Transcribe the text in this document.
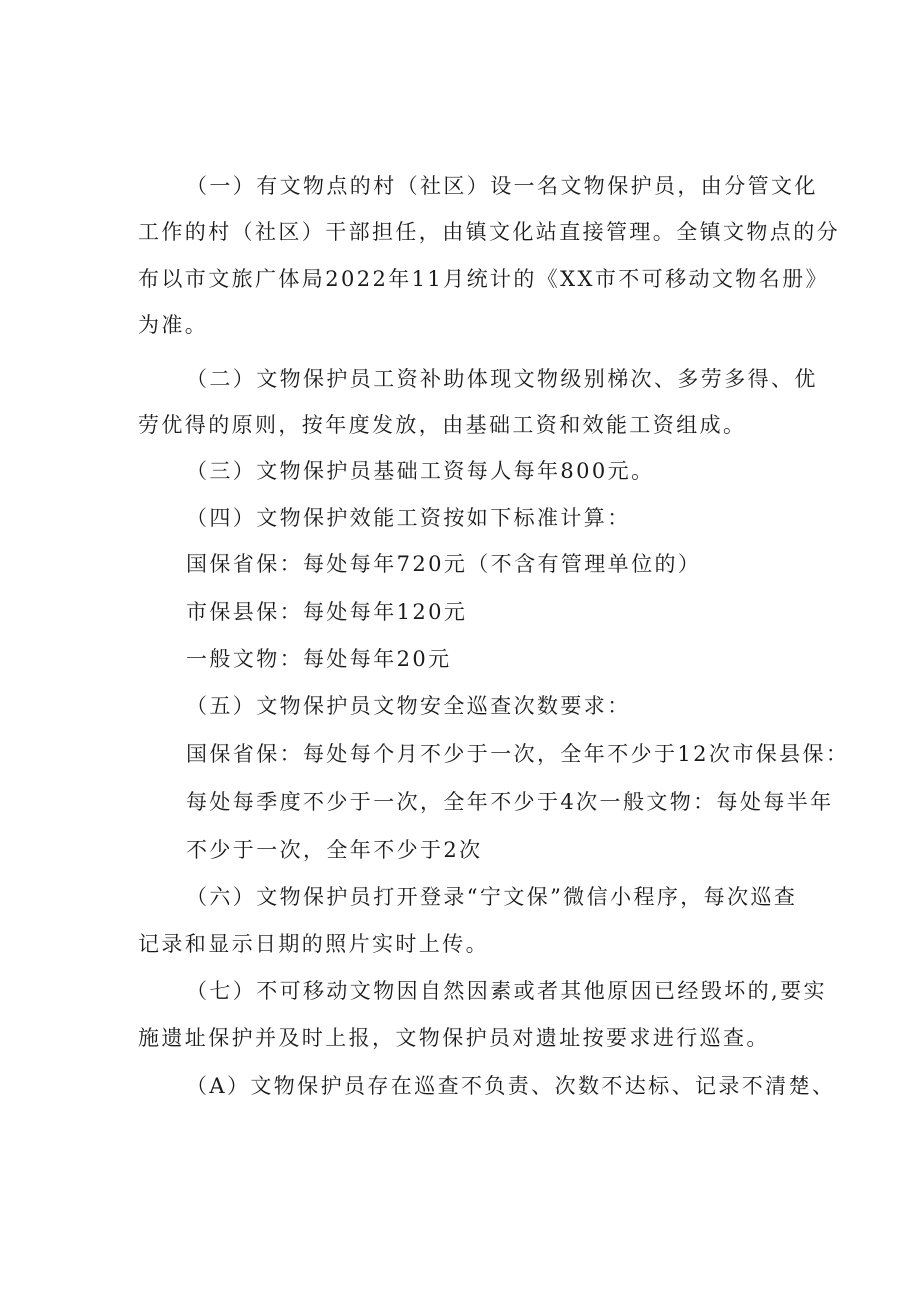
（一）有文物点的村（社区）设一名文物保护员，由分管文化
工作的村（社区）干部担任，由镇文化站直接管理。全镇文物点的分
布以市文旅广体局2022年11月统计的《XX市不可移动文物名册》
为准。
（二）文物保护员工资补助体现文物级别梯次、多劳多得、优
劳优得的原则，按年度发放，由基础工资和效能工资组成。
（三）文物保护员基础工资每人每年800元。
（四）文物保护效能工资按如下标准计算：
国保省保：每处每年720元（不含有管理单位的）
市保县保：每处每年120元
一般文物：每处每年20元
（五）文物保护员文物安全巡查次数要求：
国保省保：每处每个月不少于一次，全年不少于12次市保县保：
每处每季度不少于一次，全年不少于4次一般文物：每处每半年
不少于一次，全年不少于2次
（六）文物保护员打开登录“宁文保”微信小程序，每次巡查
记录和显示日期的照片实时上传。
（七）不可移动文物因自然因素或者其他原因已经毁坏的,要实
施遗址保护并及时上报，文物保护员对遗址按要求进行巡查。
（A）文物保护员存在巡查不负责、次数不达标、记录不清楚、
